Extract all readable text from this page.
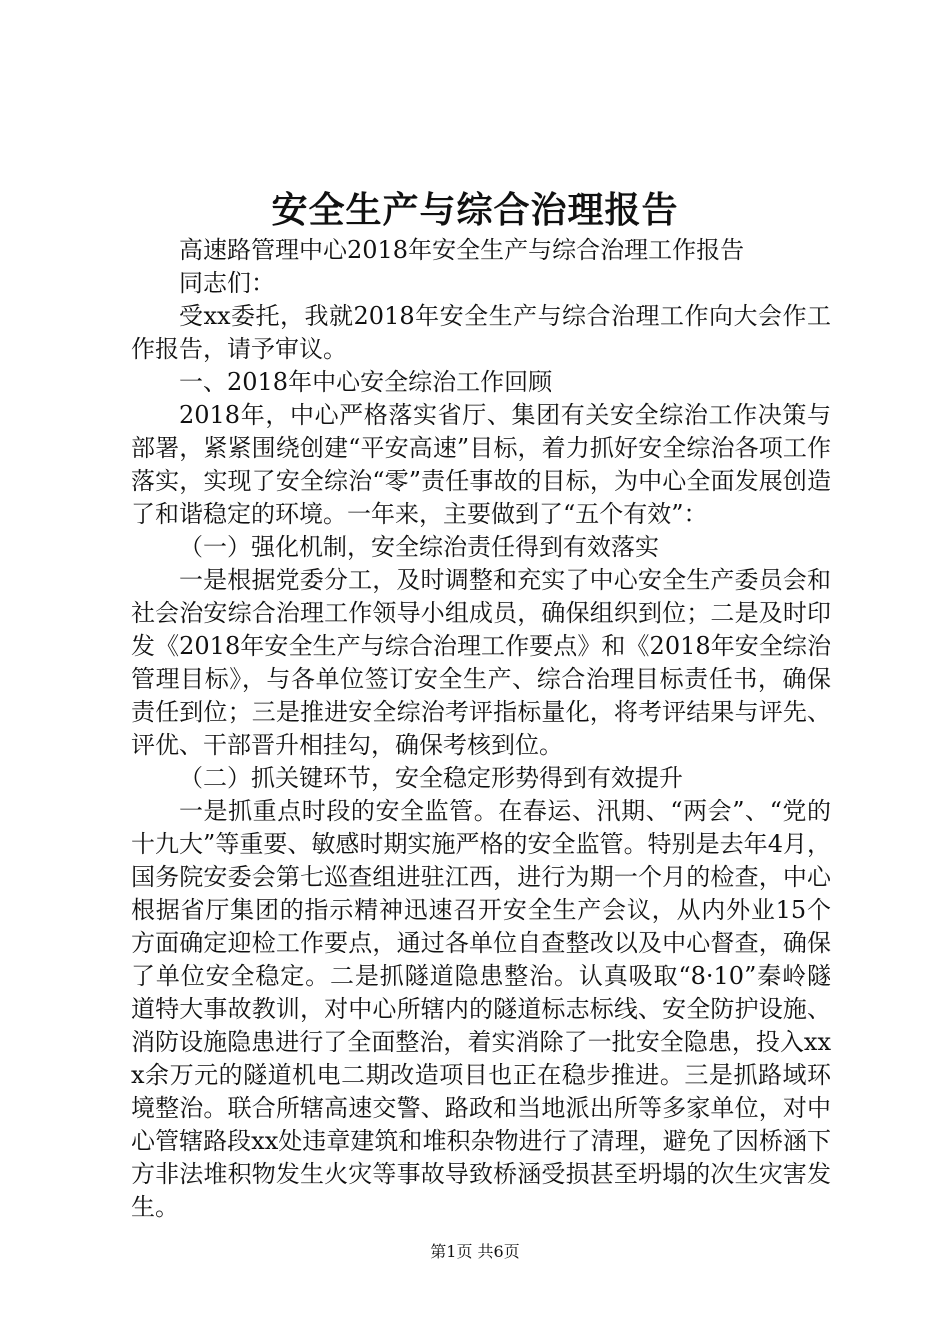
安全生产与综合治理报告

高速路管理中心2018年安全生产与综合治理工作报告

同志们：

受xx委托，我就2018年安全生产与综合治理工作向大会作工作报告，请予审议。

一、2018年中心安全综治工作回顾

2018年，中心严格落实省厅、集团有关安全综治工作决策与部署，紧紧围绕创建“平安高速”目标，着力抓好安全综治各项工作落实，实现了安全综治“零”责任事故的目标，为中心全面发展创造了和谐稳定的环境。一年来，主要做到了“五个有效”：

（一）强化机制，安全综治责任得到有效落实

一是根据党委分工，及时调整和充实了中心安全生产委员会和社会治安综合治理工作领导小组成员，确保组织到位；二是及时印发《2018年安全生产与综合治理工作要点》和《2018年安全综治管理目标》，与各单位签订安全生产、综合治理目标责任书，确保责任到位；三是推进安全综治考评指标量化，将考评结果与评先、评优、干部晋升相挂勾，确保考核到位。

（二）抓关键环节，安全稳定形势得到有效提升

一是抓重点时段的安全监管。在春运、汛期、“两会”、“党的十九大”等重要、敏感时期实施严格的安全监管。特别是去年4月，国务院安委会第七巡查组进驻江西，进行为期一个月的检查，中心根据省厅集团的指示精神迅速召开安全生产会议，从内外业15个方面确定迎检工作要点，通过各单位自查整改以及中心督查，确保了单位安全稳定。二是抓隧道隐患整治。认真吸取“8·10”秦岭隧道特大事故教训，对中心所辖内的隧道标志标线、安全防护设施、消防设施隐患进行了全面整治，着实消除了一批安全隐患，投入xxx余万元的隧道机电二期改造项目也正在稳步推进。三是抓路域环境整治。联合所辖高速交警、路政和当地派出所等多家单位，对中心管辖路段xx处违章建筑和堆积杂物进行了清理，避免了因桥涵下方非法堆积物发生火灾等事故导致桥涵受损甚至坍塌的次生灾害发生。

第1页 共6页
